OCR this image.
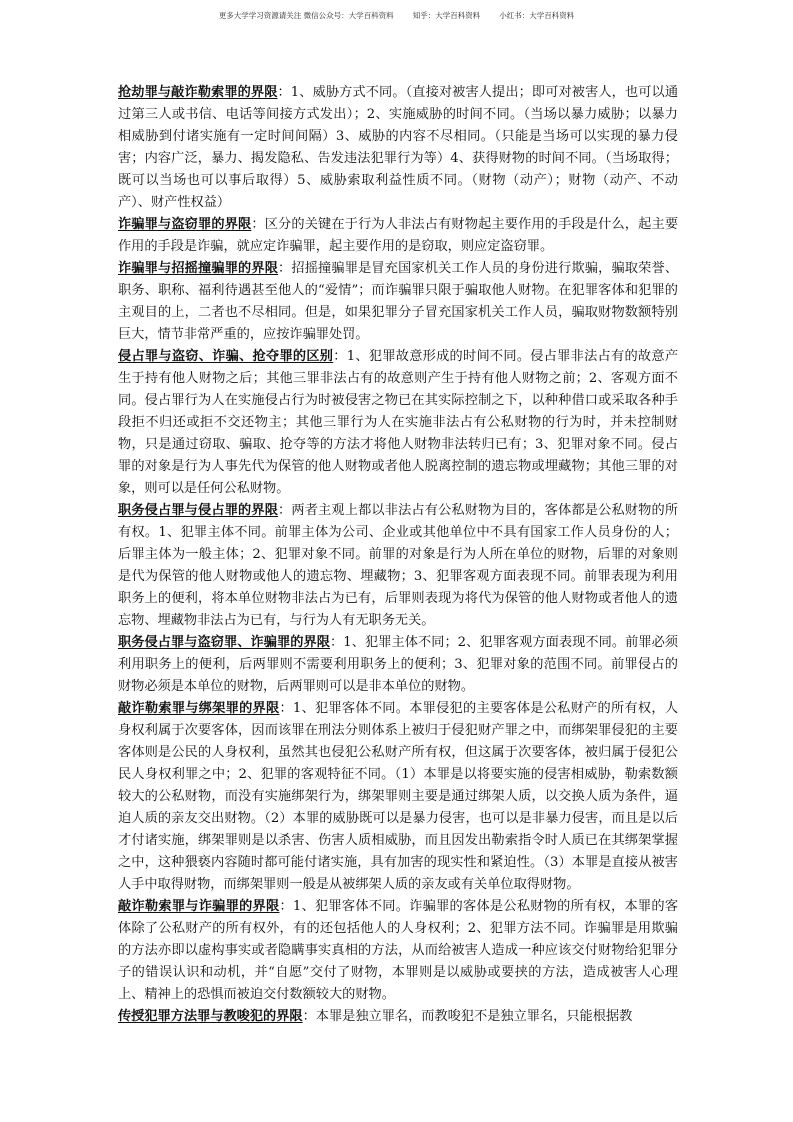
更多大学学习资源请关注 微信公众号：大学百科资料        知乎：大学百科资料        小红书：大学百科资料

抢劫罪与敲诈勒索罪的界限：1、威胁方式不同。（直接对被害人提出；即可对被害人，也可以通过第三人或书信、电话等间接方式发出）；2、实施威胁的时间不同。（当场以暴力威胁；以暴力相威胁到付诸实施有一定时间间隔）3、威胁的内容不尽相同。（只能是当场可以实现的暴力侵害；内容广泛，暴力、揭发隐私、告发违法犯罪行为等）4、获得财物的时间不同。（当场取得；既可以当场也可以事后取得）5、威胁索取利益性质不同。（财物（动产）；财物（动产、不动产）、财产性权益）

诈骗罪与盗窃罪的界限：区分的关键在于行为人非法占有财物起主要作用的手段是什么，起主要作用的手段是诈骗，就应定诈骗罪，起主要作用的是窃取，则应定盗窃罪。

诈骗罪与招摇撞骗罪的界限：招摇撞骗罪是冒充国家机关工作人员的身份进行欺骗，骗取荣誉、职务、职称、福利待遇甚至他人的“爱情”；而诈骗罪只限于骗取他人财物。在犯罪客体和犯罪的主观目的上，二者也不尽相同。但是，如果犯罪分子冒充国家机关工作人员，骗取财物数额特别巨大，情节非常严重的，应按诈骗罪处罚。

侵占罪与盗窃、诈骗、抢夺罪的区别：1、犯罪故意形成的时间不同。侵占罪非法占有的故意产生于持有他人财物之后；其他三罪非法占有的故意则产生于持有他人财物之前；2、客观方面不同。侵占罪行为人在实施侵占行为时被侵害之物已在其实际控制之下，以种种借口或采取各种手段拒不归还或拒不交还物主；其他三罪行为人在实施非法占有公私财物的行为时，并未控制财物，只是通过窃取、骗取、抢夺等的方法才将他人财物非法转归已有；3、犯罪对象不同。侵占罪的对象是行为人事先代为保管的他人财物或者他人脱离控制的遗忘物或埋藏物；其他三罪的对象，则可以是任何公私财物。

职务侵占罪与侵占罪的界限：两者主观上都以非法占有公私财物为目的，客体都是公私财物的所有权。1、犯罪主体不同。前罪主体为公司、企业或其他单位中不具有国家工作人员身份的人；后罪主体为一般主体；2、犯罪对象不同。前罪的对象是行为人所在单位的财物，后罪的对象则是代为保管的他人财物或他人的遗忘物、埋藏物；3、犯罪客观方面表现不同。前罪表现为利用职务上的便利，将本单位财物非法占为已有，后罪则表现为将代为保管的他人财物或者他人的遗忘物、埋藏物非法占为已有，与行为人有无职务无关。

职务侵占罪与盗窃罪、诈骗罪的界限：1、犯罪主体不同；2、犯罪客观方面表现不同。前罪必须利用职务上的便利，后两罪则不需要利用职务上的便利；3、犯罪对象的范围不同。前罪侵占的财物必须是本单位的财物，后两罪则可以是非本单位的财物。

敲诈勒索罪与绑架罪的界限：1、犯罪客体不同。本罪侵犯的主要客体是公私财产的所有权，人身权利属于次要客体，因而该罪在刑法分则体系上被归于侵犯财产罪之中，而绑架罪侵犯的主要客体则是公民的人身权利，虽然其也侵犯公私财产所有权，但这属于次要客体，被归属于侵犯公民人身权利罪之中；2、犯罪的客观特征不同。（1）本罪是以将要实施的侵害相威胁，勒索数额较大的公私财物，而没有实施绑架行为，绑架罪则主要是通过绑架人质，以交换人质为条件，逼迫人质的亲友交出财物。（2）本罪的威胁既可以是暴力侵害，也可以是非暴力侵害，而且是以后才付诸实施，绑架罪则是以杀害、伤害人质相威胁，而且因发出勒索指令时人质已在其绑架掌握之中，这种猥亵内容随时都可能付诸实施，具有加害的现实性和紧迫性。（3）本罪是直接从被害人手中取得财物，而绑架罪则一般是从被绑架人质的亲友或有关单位取得财物。

敲诈勒索罪与诈骗罪的界限：1、犯罪客体不同。诈骗罪的客体是公私财物的所有权，本罪的客体除了公私财产的所有权外，有的还包括他人的人身权利；2、犯罪方法不同。诈骗罪是用欺骗的方法亦即以虚构事实或者隐瞒事实真相的方法，从而给被害人造成一种应该交付财物给犯罪分子的错误认识和动机，并“自愿”交付了财物，本罪则是以威胁或要挟的方法，造成被害人心理上、精神上的恐惧而被迫交付数额较大的财物。

传授犯罪方法罪与教唆犯的界限：本罪是独立罪名，而教唆犯不是独立罪名，只能根据教
